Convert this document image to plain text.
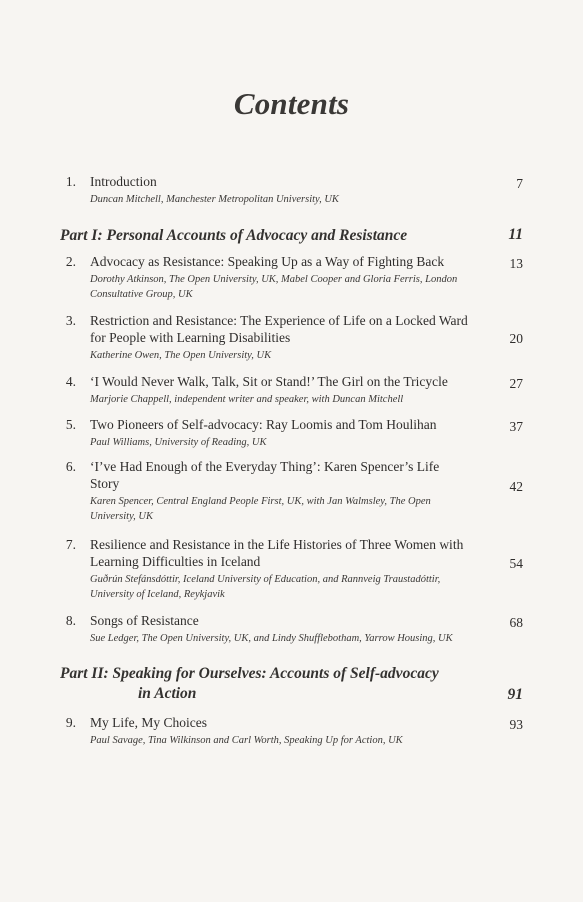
Contents
1. Introduction
Duncan Mitchell, Manchester Metropolitan University, UK
7
Part I: Personal Accounts of Advocacy and Resistance	11
2. Advocacy as Resistance: Speaking Up as a Way of Fighting Back
Dorothy Atkinson, The Open University, UK, Mabel Cooper and Gloria Ferris, London Consultative Group, UK
13
3. Restriction and Resistance: The Experience of Life on a Locked Ward for People with Learning Disabilities
Katherine Owen, The Open University, UK
20
4. ‘I Would Never Walk, Talk, Sit or Stand!’ The Girl on the Tricycle
Marjorie Chappell, independent writer and speaker, with Duncan Mitchell
27
5. Two Pioneers of Self-advocacy: Ray Loomis and Tom Houlihan
Paul Williams, University of Reading, UK
37
6. ‘I’ve Had Enough of the Everyday Thing’: Karen Spencer’s Life Story
Karen Spencer, Central England People First, UK, with Jan Walmsley, The Open University, UK
42
7. Resilience and Resistance in the Life Histories of Three Women with Learning Difficulties in Iceland
Guðrún Stefánsdóttir, Iceland University of Education, and Rannveig Traustadóttir, University of Iceland, Reykjavik
54
8. Songs of Resistance
Sue Ledger, The Open University, UK, and Lindy Shufflebotham, Yarrow Housing, UK
68
Part II: Speaking for Ourselves: Accounts of Self-advocacy
in Action	91
9. My Life, My Choices
Paul Savage, Tina Wilkinson and Carl Worth, Speaking Up for Action, UK
93
